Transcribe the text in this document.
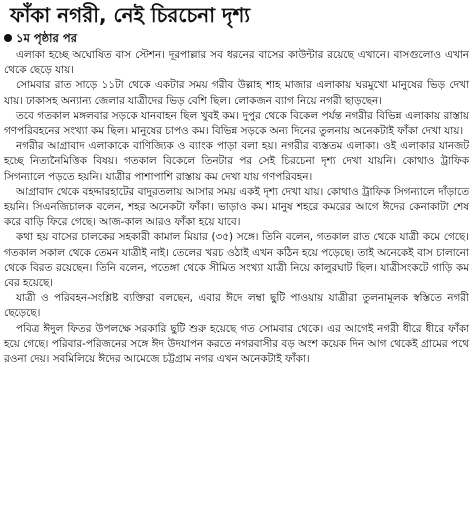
ফাঁকা নগরী, নেই চিরচেনা দৃশ্য
১ম পৃষ্ঠার পর

এলাকা হচ্ছে অঘোষিত বাস স্টেশন। দূরপাল্লার সব ধরনের বাসের কাউন্টার রয়েছে এখানে। বাসগুলোও এখান থেকে ছেড়ে যায়।

সোমবার রাত সাড়ে ১১টা থেকে একটার সময় গরীব উল্লাহ শাহ মাজার এলাকায় ঘরমুখো মানুষের ভিড় দেখা যায়। ঢাকাসহ অন্যান্য জেলার যাত্রীদের ভিড় বেশি ছিল। লোকজন ব্যাগ নিয়ে নগরী ছাড়ছেন।

তবে গতকাল মঙ্গলবার সড়কে যানবাহন ছিল খুবই কম। দুপুর থেকে বিকেল পর্যন্ত নগরীর বিভিন্ন এলাকায় রাস্তায় গণপরিবহনের সংখ্যা কম ছিল। মানুষের চাপও কম। বিভিন্ন সড়কে অন্য দিনের তুলনায় অনেকটাই ফাঁকা দেখা যায়।

নগরীর আগ্রাবাদ এলাকাকে বাণিজ্যিক ও ব্যাংক পাড়া বলা হয়। নগরীর ব্যস্ততম এলাকা। ওই এলাকার যানজট হচ্ছে নিত্যনৈমিত্তিক বিষয়। গতকাল বিকেলে তিনটার পর সেই চিরচেনা দৃশ্য দেখা যায়নি। কোথাও ট্রাফিক সিগন্যালে পড়তে হয়নি। যাত্রীর পাশাপাশি রাস্তায় কম দেখা যায় গণপরিবহন।

আগ্রাবাদ থেকে বহদ্দারহাটের বাদুরতলায় আসার সময় একই দৃশ্য দেখা যায়। কোথাও ট্রাফিক সিগন্যালে দাঁড়াতে হয়নি। সিএনজিচালক বলেন, শহর অনেকটা ফাঁকা। ভাড়াও কম। মানুষ শহরে কমরের আগে ঈদের কেনাকাটা শেষ করে বাড়ি ফিরে গেছে। আজ-কাল আরও ফাঁকা হয়ে যাবে।

কথা হয় বাসের চালকের সহকারী কামাল মিয়ার (৩৫) সঙ্গে। তিনি বলেন, গতকাল রাত থেকে যাত্রী কমে গেছে। গতকাল সকাল থেকে তেমন যাত্রীই নাই। তেলের খরচ ওঠাই এখন কঠিন হয়ে পড়েছে। তাই অনেকেই বাস চালানো থেকে বিরত রয়েছেন। তিনি বলেন, পতেঙ্গা থেকে সীমিত সংখ্যা যাত্রী নিয়ে কালুরঘাট ছিল। যাত্রীসংকটে গাড়ি কম বের হয়েছে।

যাত্রী ও পরিবহন-সংশ্লিষ্ট ব্যক্তিরা বলছেন, এবার ঈদে লম্বা ছুটি পাওয়ায় যাত্রীরা তুলনামূলক স্বস্তিতে নগরী ছেড়েছে।

পবিত্র ঈদুল ফিতর উপলক্ষে সরকারি ছুটি শুরু হয়েছে গত সোমবার থেকে। এর আগেই নগরী ধীরে ধীরে ফাঁকা হয়ে গেছে। পরিবার-পরিজনের সঙ্গে ঈদ উদযাপন করতে নগরবাসীর বড় অংশ কয়েক দিন আগ থেকেই গ্রামের পথে রওনা দেয়। সবমিলিয়ে ঈদের আমেজে চট্টগ্রাম নগর এখন অনেকটাই ফাঁকা।
